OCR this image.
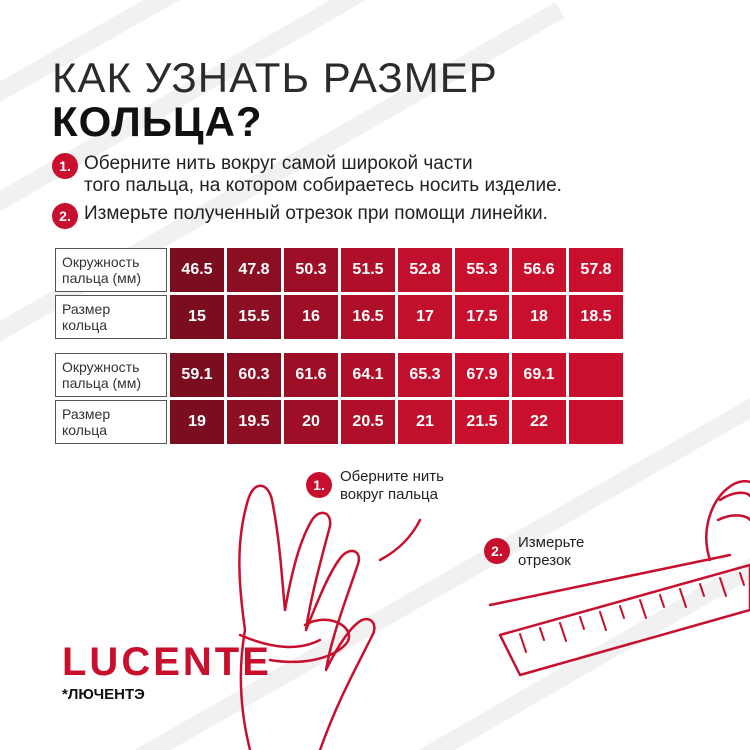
КАК УЗНАТЬ РАЗМЕР
КОЛЬЦА?
1. Оберните нить вокруг самой широкой части
того пальца, на котором собираетесь носить изделие.
2. Измерьте полученный отрезок при помощи линейки.
Окружность
пальца (мм)	46.5	47.8	50.3	51.5	52.8	55.3	56.6	57.8
Размер
кольца	15	15.5	16	16.5	17	17.5	18	18.5
Окружность
пальца (мм)	59.1	60.3	61.6	64.1	65.3	67.9	69.1	
Размер
кольца	19	19.5	20	20.5	21	21.5	22	
1.	Оберните нить
вокруг пальца
2.	Измерьте
отрезок
LUCENTE
*ЛЮЧЕНТЭ
